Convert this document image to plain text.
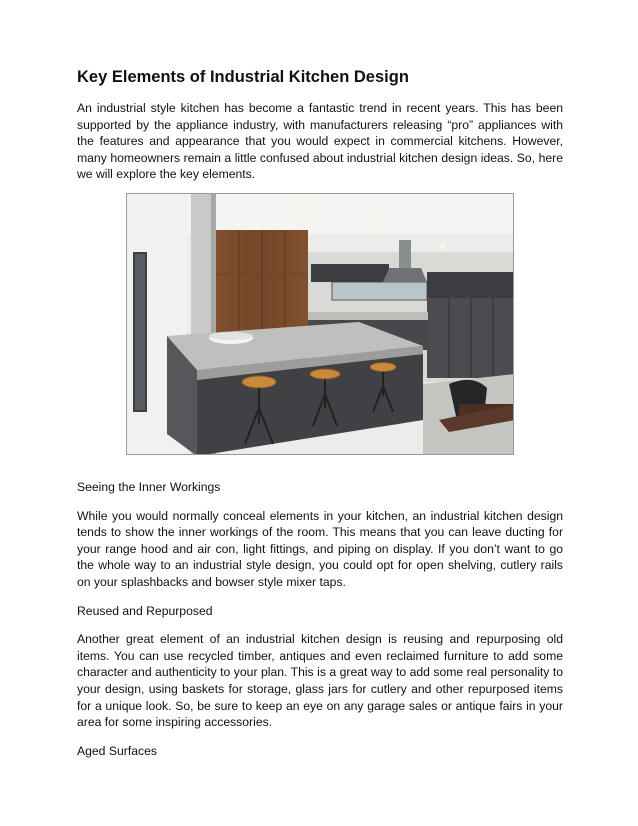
Key Elements of Industrial Kitchen Design

An industrial style kitchen has become a fantastic trend in recent years. This has been supported by the appliance industry, with manufacturers releasing “pro” appliances with the features and appearance that you would expect in commercial kitchens. However, many homeowners remain a little confused about industrial kitchen design ideas. So, here we will explore the key elements.

Seeing the Inner Workings

While you would normally conceal elements in your kitchen, an industrial kitchen design tends to show the inner workings of the room. This means that you can leave ducting for your range hood and air con, light fittings, and piping on display. If you don’t want to go the whole way to an industrial style design, you could opt for open shelving, cutlery rails on your splashbacks and bowser style mixer taps.

Reused and Repurposed

Another great element of an industrial kitchen design is reusing and repurposing old items. You can use recycled timber, antiques and even reclaimed furniture to add some character and authenticity to your plan. This is a great way to add some real personality to your design, using baskets for storage, glass jars for cutlery and other repurposed items for a unique look. So, be sure to keep an eye on any garage sales or antique fairs in your area for some inspiring accessories.

Aged Surfaces
